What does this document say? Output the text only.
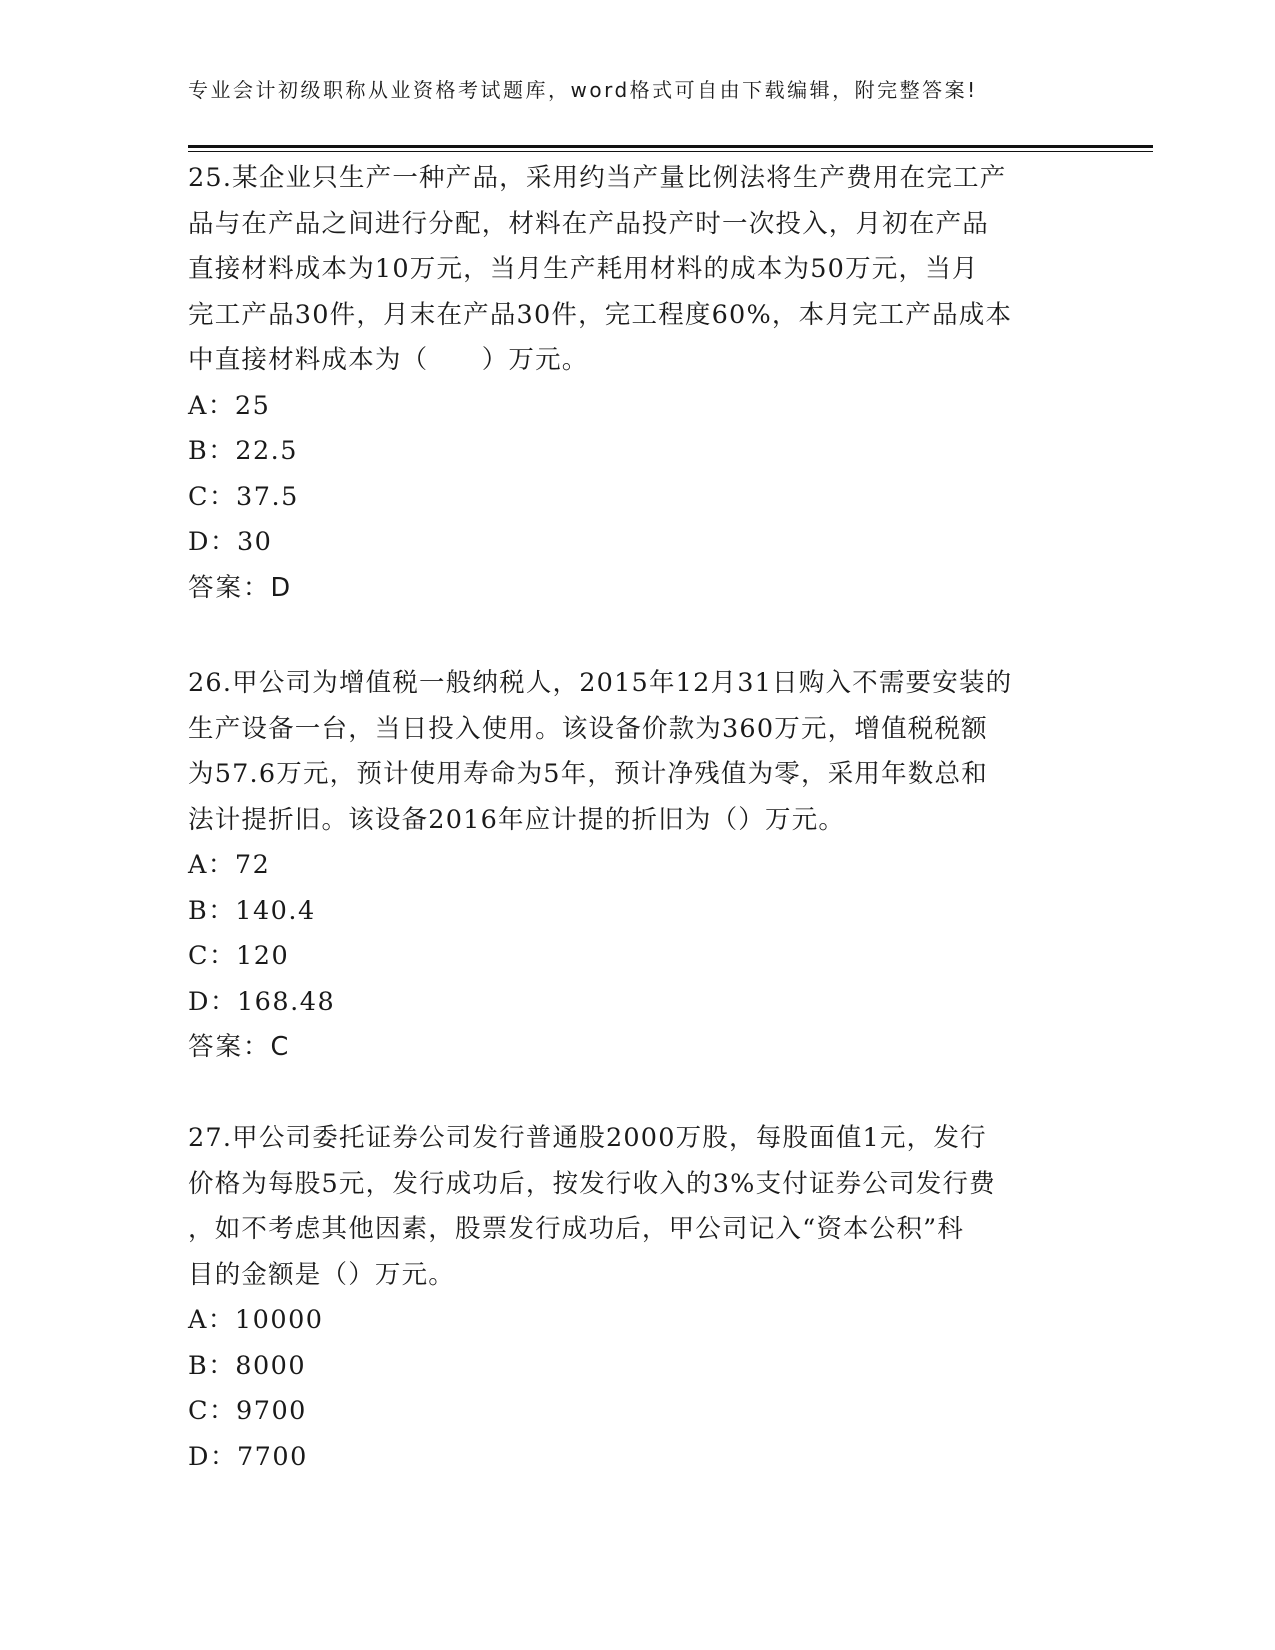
专业会计初级职称从业资格考试题库，word格式可自由下载编辑，附完整答案!
25.某企业只生产一种产品，采用约当产量比例法将生产费用在完工产
品与在产品之间进行分配，材料在产品投产时一次投入，月初在产品
直接材料成本为10万元，当月生产耗用材料的成本为50万元，当月
完工产品30件，月末在产品30件，完工程度60%，本月完工产品成本
中直接材料成本为（　　）万元。
A：25
B：22.5
C：37.5
D：30
答案：D
26.甲公司为增值税一般纳税人，2015年12月31日购入不需要安装的
生产设备一台，当日投入使用。该设备价款为360万元，增值税税额
为57.6万元，预计使用寿命为5年，预计净残值为零，采用年数总和
法计提折旧。该设备2016年应计提的折旧为（）万元。
A：72
B：140.4
C：120
D：168.48
答案：C
27.甲公司委托证券公司发行普通股2000万股，每股面值1元，发行
价格为每股5元，发行成功后，按发行收入的3%支付证券公司发行费
，如不考虑其他因素，股票发行成功后，甲公司记入“资本公积”科
目的金额是（）万元。
A：10000
B：8000
C：9700
D：7700
